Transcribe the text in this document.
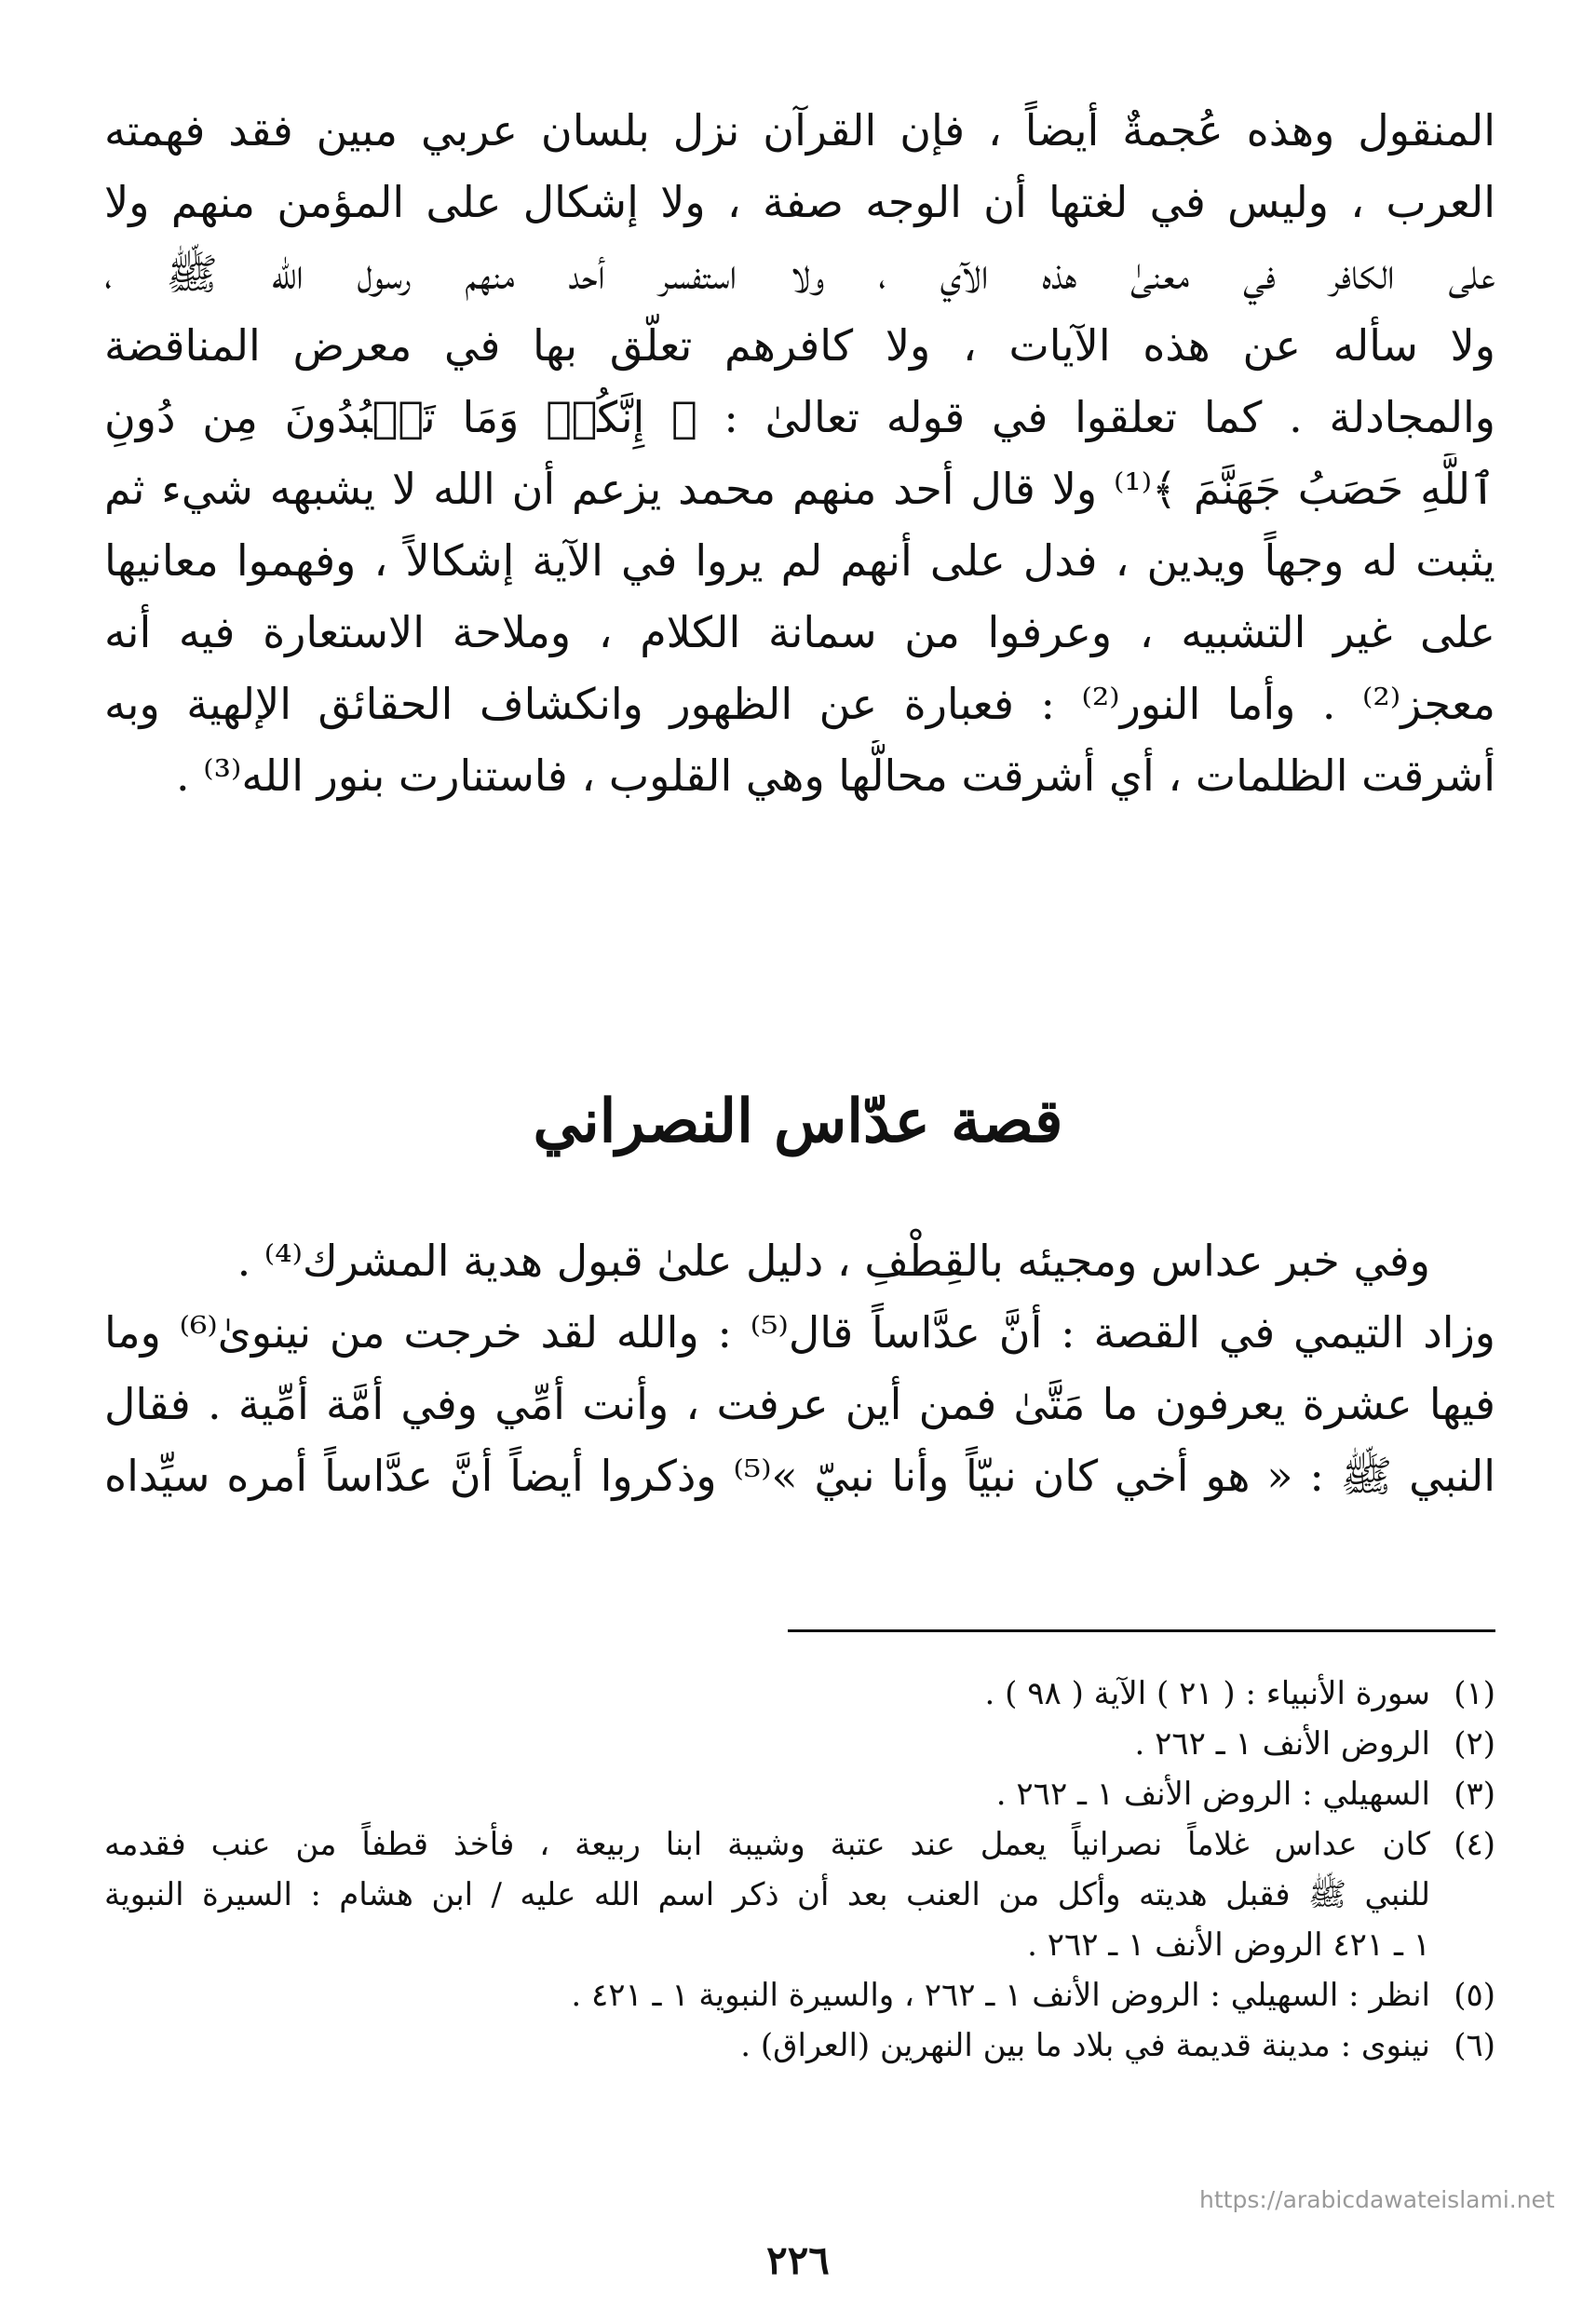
المنقول وهذه عُجمةٌ أيضاً ، فإن القرآن نزل بلسان عربي مبين فقد فهمته
العرب ، وليس في لغتها أن الوجه صفة ، ولا إشكال على المؤمن منهم ولا
على الكافر في معنىٰ هذه الآي ، ولا استفسر أحد منهم رسول الله ﷺ ،
ولا سأله عن هذه الآيات ، ولا كافرهم تعلّق بها في معرض المناقضة
والمجادلة . كما تعلقوا في قوله تعالىٰ : ﴿ إِنَّكُمۡ وَمَا تَعۡبُدُونَ مِن دُونِ
ٱللَّهِ حَصَبُ جَهَنَّمَ ﴾⁽¹⁾ ولا قال أحد منهم محمد يزعم أن الله لا يشبهه شيء ثم
يثبت له وجهاً ويدين ، فدل على أنهم لم يروا في الآية إشكالاً ، وفهموا معانيها
على غير التشبيه ، وعرفوا من سمانة الكلام ، وملاحة الاستعارة فيه أنه
معجز⁽²⁾ . وأما النور⁽²⁾ : فعبارة عن الظهور وانكشاف الحقائق الإلهية وبه
أشرقت الظلمات ، أي أشرقت محالُّها وهي القلوب ، فاستنارت بنور الله⁽³⁾ .
قصة عدّاس النصراني
وفي خبر عداس ومجيئه بالقِطْفِ ، دليل علىٰ قبول هدية المشرك⁽⁴⁾ .
وزاد التيمي في القصة : أنَّ عدَّاساً قال⁽⁵⁾ : والله لقد خرجت من نينوىٰ⁽⁶⁾ وما
فيها عشرة يعرفون ما مَتَّىٰ فمن أين عرفت ، وأنت أمِّي وفي أمَّة أمِّية . فقال
النبي ﷺ : « هو أخي كان نبيّاً وأنا نبيّ »⁽⁵⁾ وذكروا أيضاً أنَّ عدَّاساً أمره سيِّداه
(١)
سورة الأنبياء : ( ٢١ ) الآية ( ٩٨ ) .
(٢)
الروض الأنف ١ ـ ٢٦٢ .
(٣)
السهيلي : الروض الأنف ١ ـ ٢٦٢ .
(٤)
كان عداس غلاماً نصرانياً يعمل عند عتبة وشيبة ابنا ربيعة ، فأخذ قطفاً من عنب فقدمه
للنبي ﷺ فقبل هديته وأكل من العنب بعد أن ذكر اسم الله عليه / ابن هشام : السيرة النبوية
١ ـ ٤٢١ الروض الأنف ١ ـ ٢٦٢ .
(٥)
انظر : السهيلي : الروض الأنف ١ ـ ٢٦٢ ، والسيرة النبوية ١ ـ ٤٢١ .
(٦)
نينوى : مدينة قديمة في بلاد ما بين النهرين (العراق) .
https://arabicdawateislami.net
٢٢٦
